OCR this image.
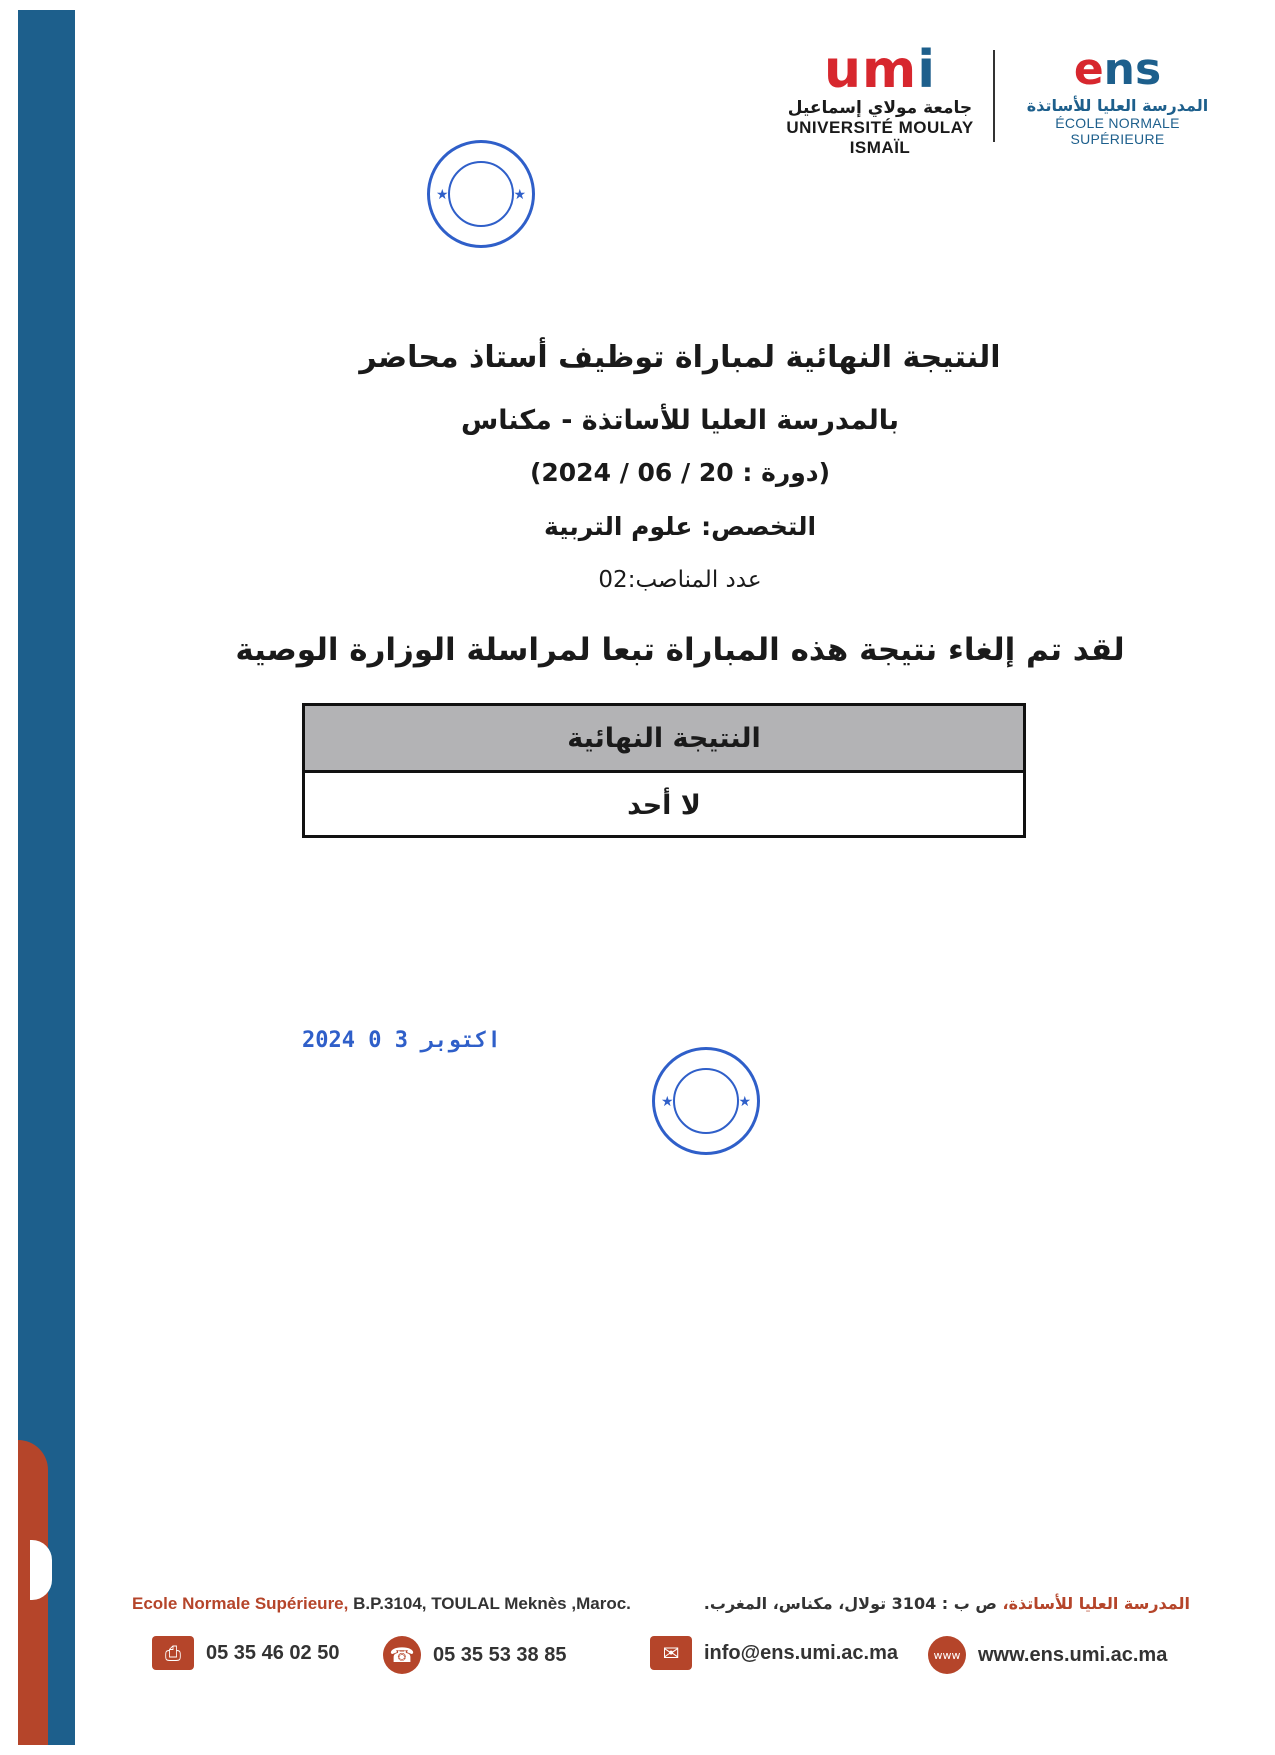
umi
جامعة مولاي إسماعيل
UNIVERSITÉ MOULAY ISMAÏL
ens
المدرسة العليا للأساتذة
ÉCOLE NORMALE SUPÉRIEURE
★	★
النتيجة النهائية لمباراة توظيف أستاذ محاضر
بالمدرسة العليا للأساتذة - مكناس
(دورة : 20 / 06 / 2024)
التخصص: علوم التربية
عدد المناصب:02
لقد تم إلغاء نتيجة هذه المباراة تبعا لمراسلة الوزارة الوصية
النتيجة النهائية
لا أحد
2024 اكتوبر 3 0
★	★
Ecole Normale Supérieure, B.P.3104, TOULAL Meknès ,Maroc.	المدرسة العليا للأساتذة، ص ب : 3104 تولال، مكناس، المغرب.
⎙	05 35 46 02 50	☎ 05 35 53 38 85	✉	info@ens.umi.ac.ma	www www.ens.umi.ac.ma
